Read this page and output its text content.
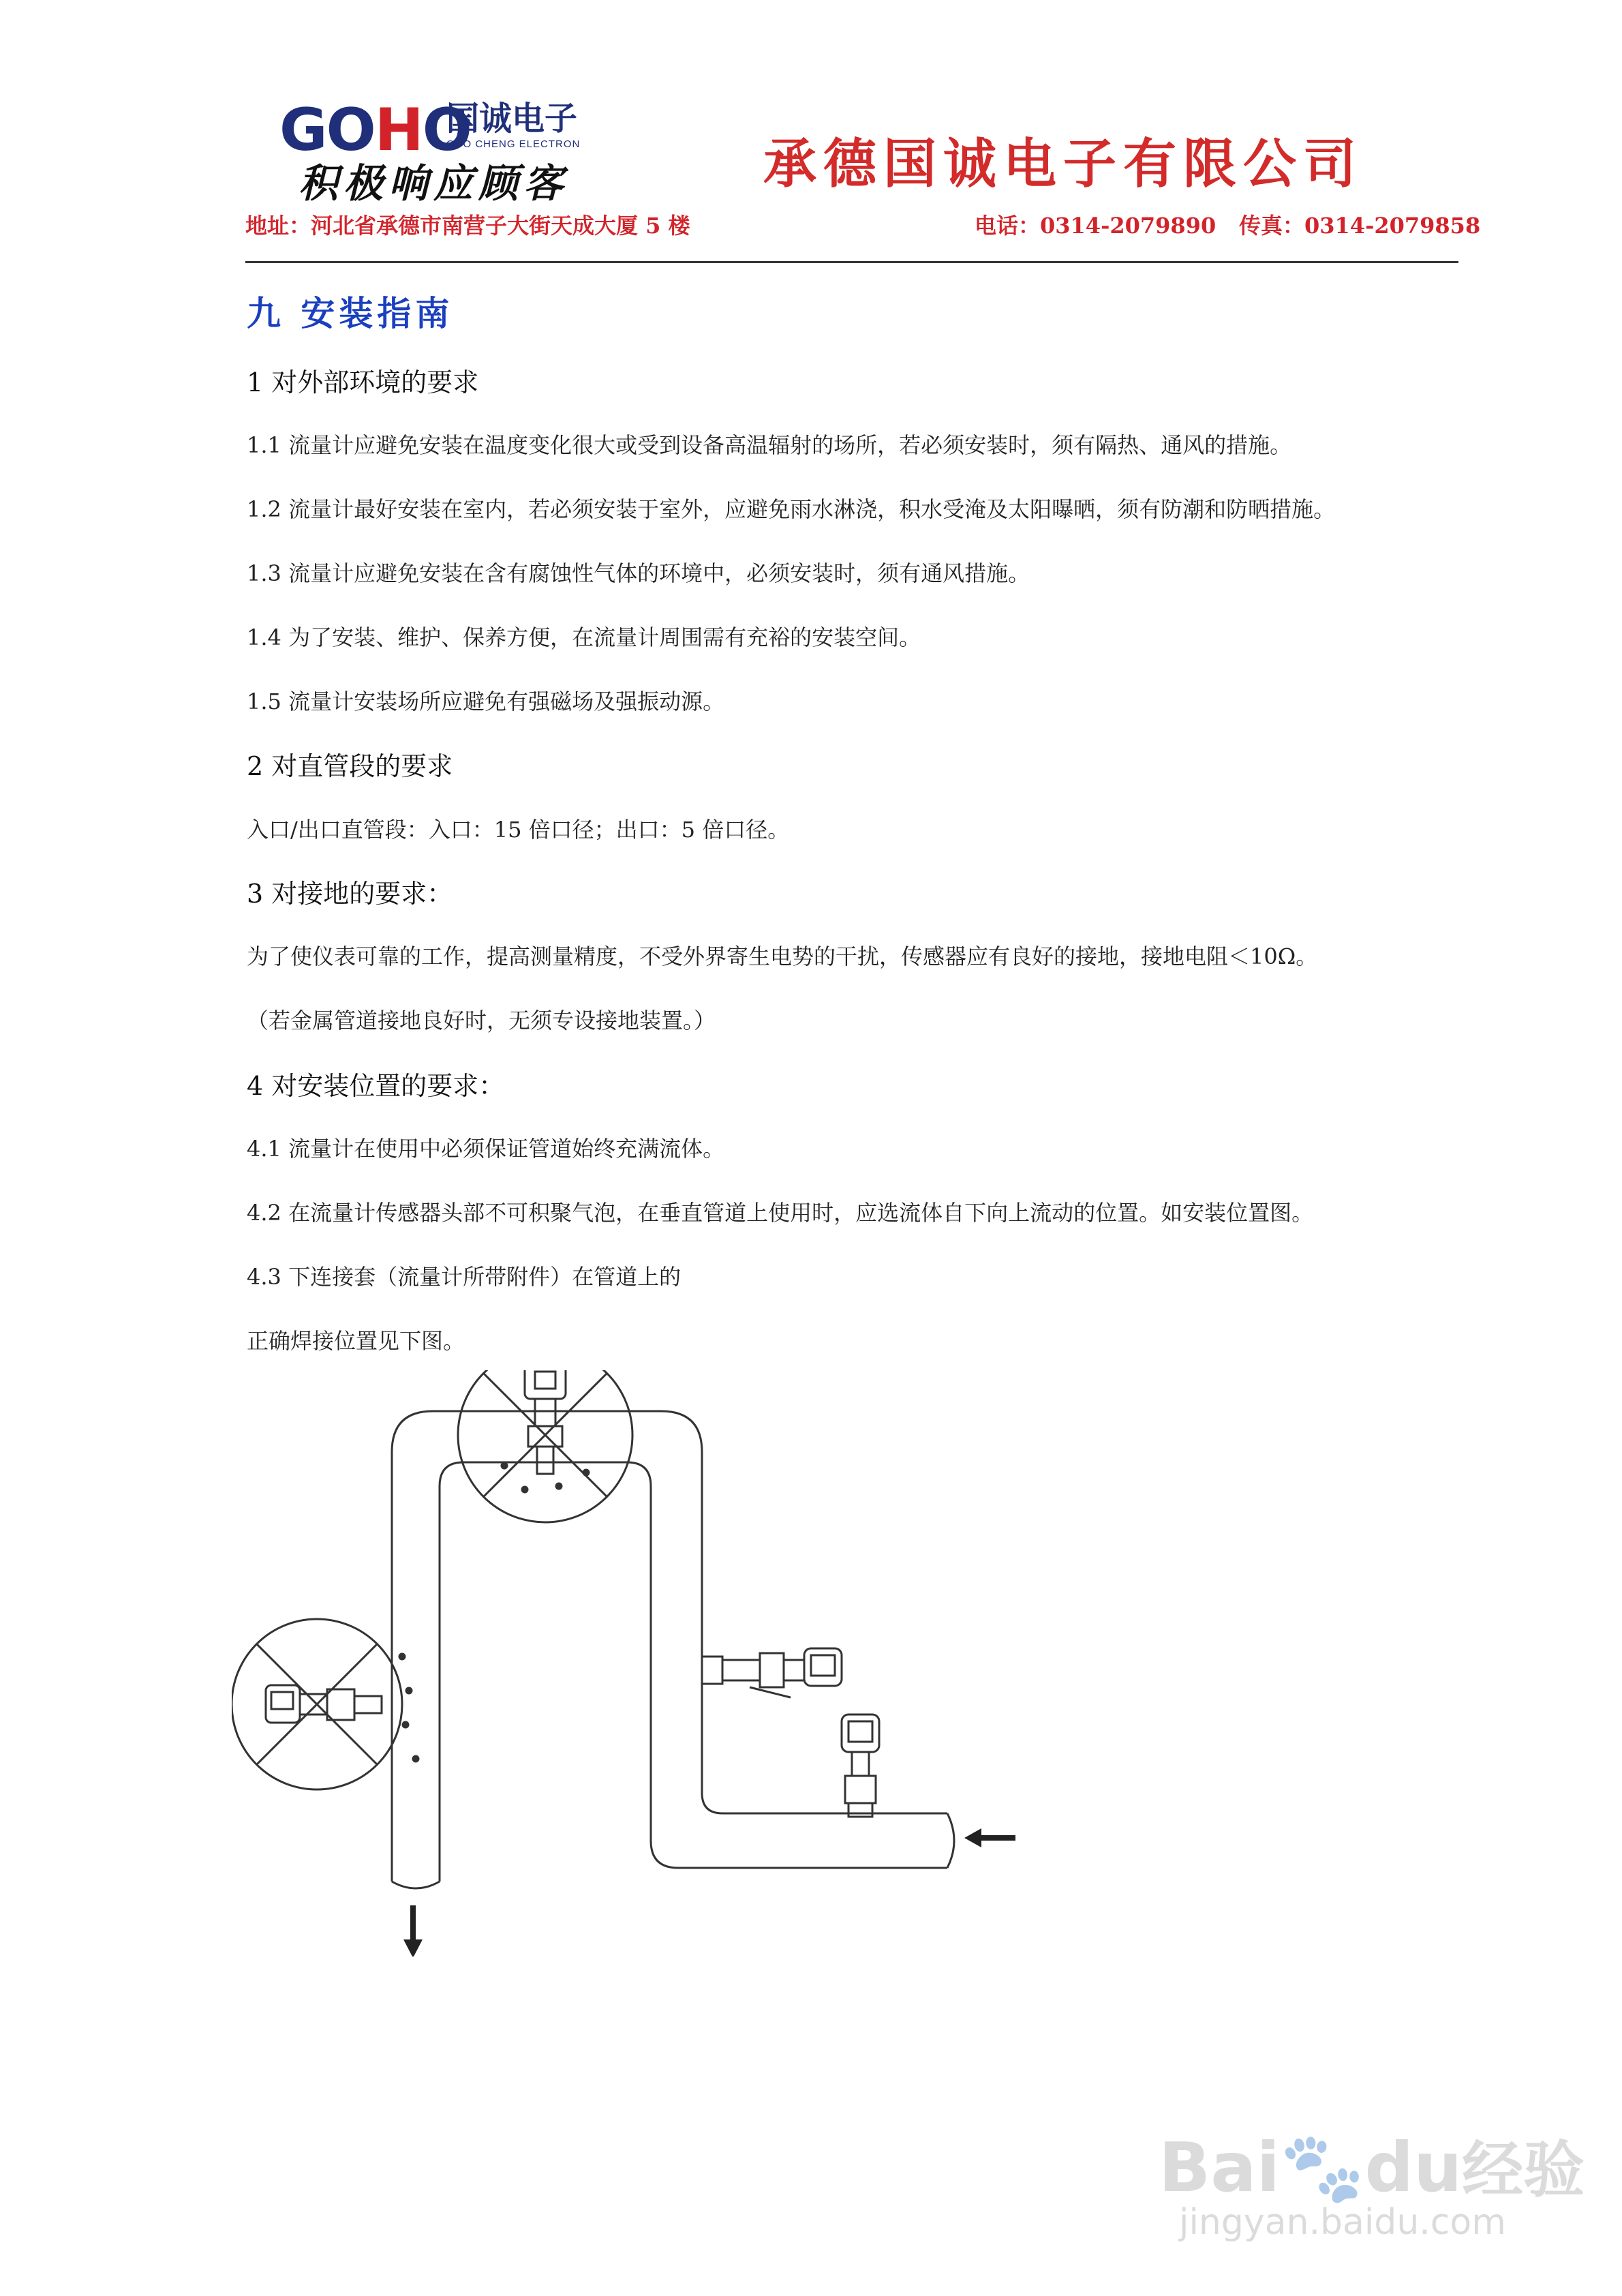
GOHO
国诚电子
GUO CHENG ELECTRON
积极响应顾客	承德国诚电子有限公司
地址：河北省承德市南营子大街天成大厦 5 楼	电话：0314-2079890 传真：0314-2079858
九 安装指南
1 对外部环境的要求
1.1 流量计应避免安装在温度变化很大或受到设备高温辐射的场所，若必须安装时，须有隔热、通风的措施。
1.2 流量计最好安装在室内，若必须安装于室外，应避免雨水淋浇，积水受淹及太阳曝晒，须有防潮和防晒措施。
1.3 流量计应避免安装在含有腐蚀性气体的环境中，必须安装时，须有通风措施。
1.4 为了安装、维护、保养方便，在流量计周围需有充裕的安装空间。
1.5 流量计安装场所应避免有强磁场及强振动源。
2 对直管段的要求
入口/出口直管段：入口：15 倍口径；出口：5 倍口径。
3 对接地的要求：
为了使仪表可靠的工作，提高测量精度，不受外界寄生电势的干扰，传感器应有良好的接地，接地电阻＜10Ω。
（若金属管道接地良好时，无须专设接地装置。）
4 对安装位置的要求：
4.1 流量计在使用中必须保证管道始终充满流体。
4.2 在流量计传感器头部不可积聚气泡，在垂直管道上使用时，应选流体自下向上流动的位置。如安装位置图。
4.3 下连接套（流量计所带附件）在管道上的
正确焊接位置见下图。
Bai🐾du经验
jingyan.baidu.com
